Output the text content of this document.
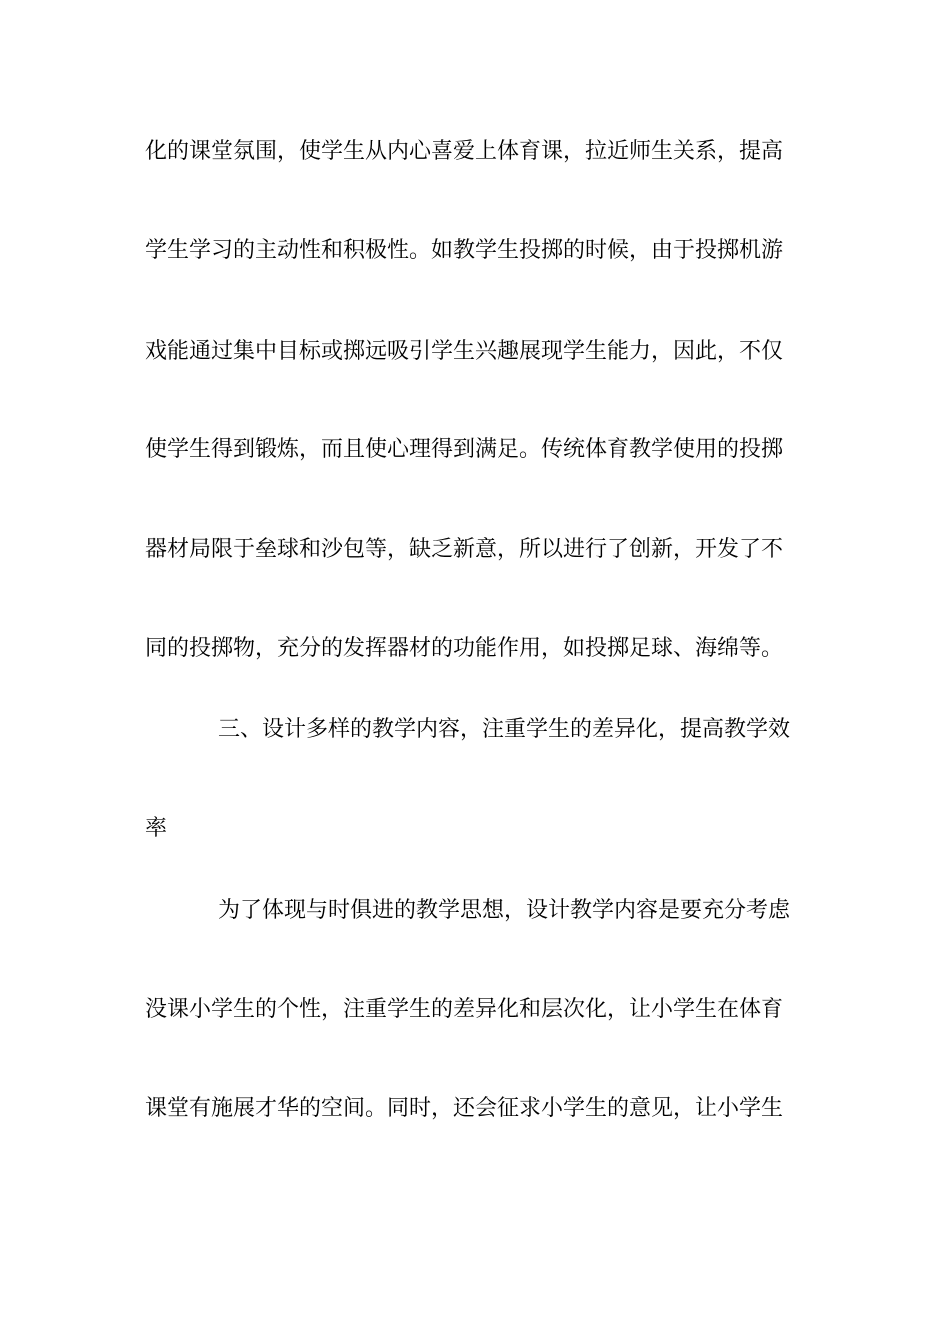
化的课堂氛围，使学生从内心喜爱上体育课，拉近师生关系，提高
学生学习的主动性和积极性。如教学生投掷的时候，由于投掷机游
戏能通过集中目标或掷远吸引学生兴趣展现学生能力，因此，不仅
使学生得到锻炼，而且使心理得到满足。传统体育教学使用的投掷
器材局限于垒球和沙包等，缺乏新意，所以进行了创新，开发了不
同的投掷物，充分的发挥器材的功能作用，如投掷足球、海绵等。
三、设计多样的教学内容，注重学生的差异化，提高教学效
率
为了体现与时俱进的教学思想，设计教学内容是要充分考虑
没课小学生的个性，注重学生的差异化和层次化，让小学生在体育
课堂有施展才华的空间。同时，还会征求小学生的意见，让小学生
